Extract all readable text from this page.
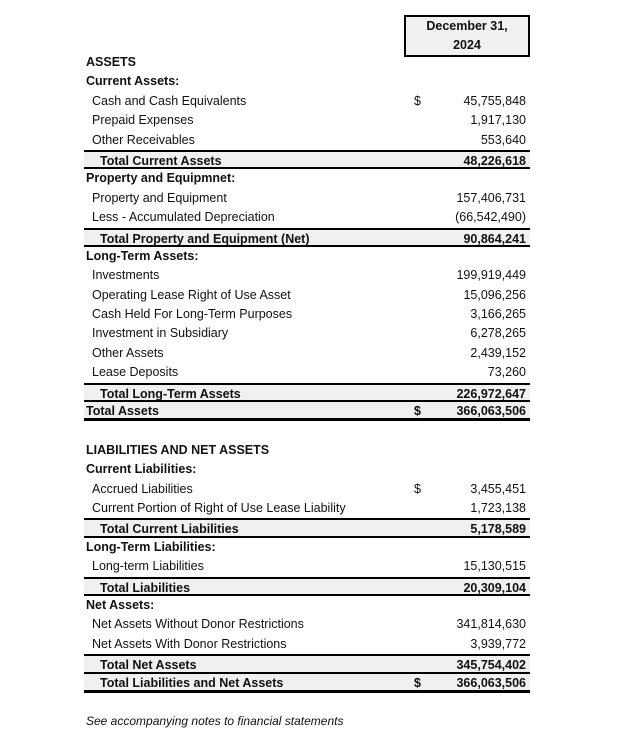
December 31,
2024
ASSETS
Current Assets:
Cash and Cash Equivalents	$	45,755,848
Prepaid Expenses	1,917,130
Other Receivables	553,640
Total Current Assets	48,226,618
Property and Equipmnet:
Property and Equipment	157,406,731
Less - Accumulated Depreciation	(66,542,490)
Total Property and Equipment (Net)	90,864,241
Long-Term Assets:
Investments	199,919,449
Operating Lease Right of Use Asset	15,096,256
Cash Held For Long-Term Purposes	3,166,265
Investment in Subsidiary	6,278,265
Other Assets	2,439,152
Lease Deposits	73,260
Total Long-Term Assets	226,972,647
Total Assets	$	366,063,506
LIABILITIES AND NET ASSETS
Current Liabilities:
Accrued Liabilities	$	3,455,451
Current Portion of Right of Use Lease Liability	1,723,138
Total Current Liabilities	5,178,589
Long-Term Liabilities:
Long-term Liabilities	15,130,515
Total Liabilities	20,309,104
Net Assets:
Net Assets Without Donor Restrictions	341,814,630
Net Assets With Donor Restrictions	3,939,772
Total Net Assets	345,754,402
Total Liabilities and Net Assets	$	366,063,506
See accompanying notes to financial statements
